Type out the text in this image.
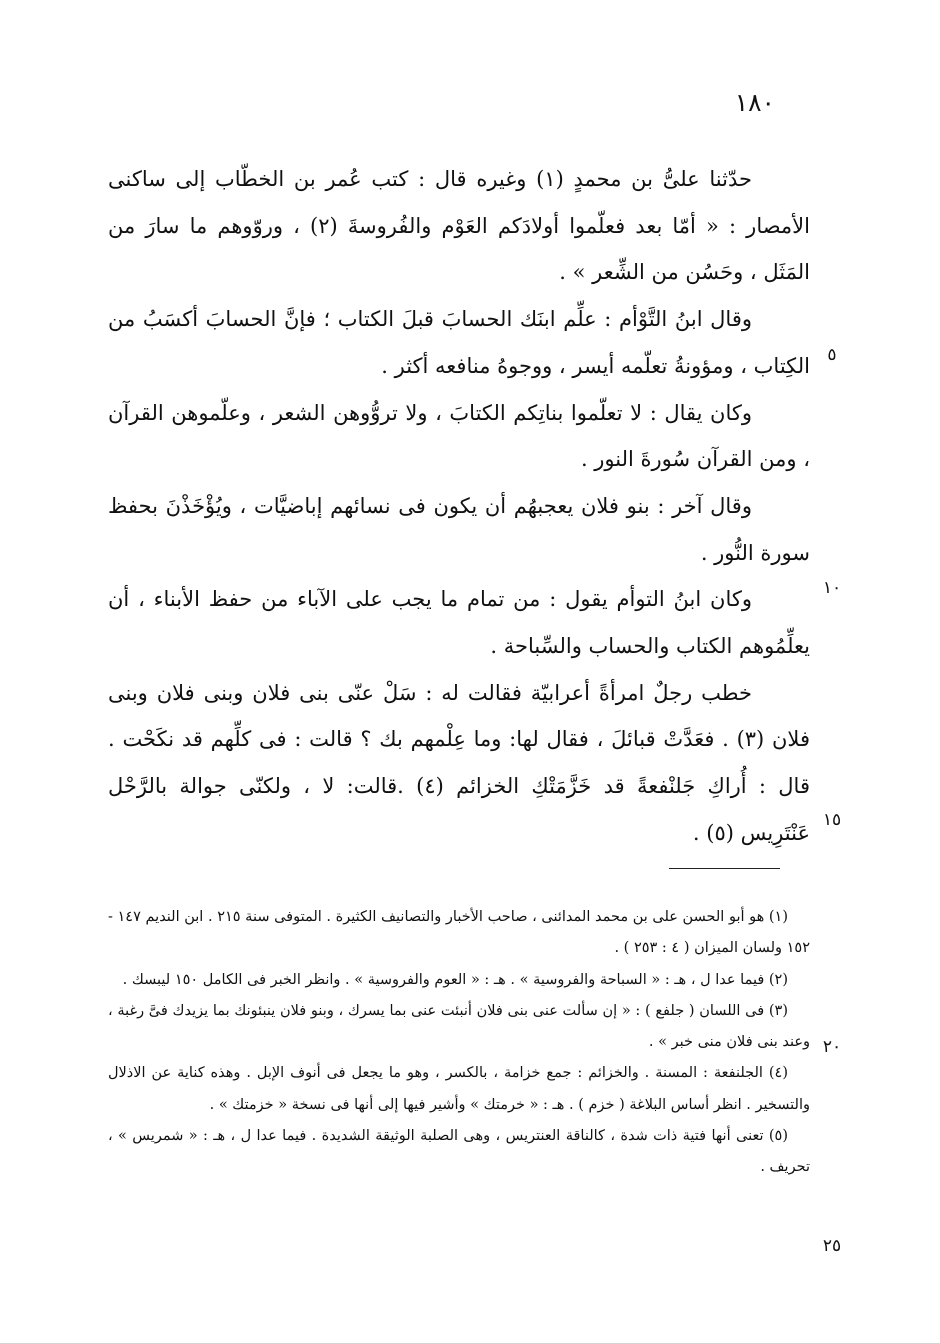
١٨٠

حدّثنا علىُّ بن محمدٍ (١) وغيره قال : كتب عُمر بن الخطّاب إلى ساكنى الأمصار : « أمّا بعد فعلّموا أولادَكم العَوْم والفُروسةَ (٢) ، وروّوهم ما سارَ من المَثَل ، وحَسُن من الشِّعر » .

وقال ابنُ التَّوْأم : علِّم ابنَك الحسابَ قبلَ الكتاب ؛ فإنَّ الحسابَ أكسَبُ من الكِتاب ، ومؤونةُ تعلّمه أيسر ، ووجوهُ منافعه أكثر .

وكان يقال : لا تعلّموا بناتِكم الكتابَ ، ولا تروُّوهن الشعر ، وعلّموهن القرآن ، ومن القرآن سُورةَ النور .

وقال آخر : بنو فلان يعجبهُم أن يكون فى نسائهم إباضيَّات ، ويُؤْخَذْنَ بحفظ سورة النُّور .

وكان ابنُ التوأم يقول : من تمام ما يجب على الآباء من حفظ الأبناء ، أن يعلِّمُوهم الكتاب والحساب والسِّباحة .

خطب رجلٌ امرأةً أعرابيّة فقالت له : سَلْ عنّى بنى فلان وبنى فلان وبنى فلان (٣) . فعَدَّتْ قبائلَ ، فقال لها: وما عِلْمهم بك ؟ قالت : فى كلِّهم قد نكَحْت . قال : أُراكِ جَلنْفعةً قد خَزَّمَتْكِ الخزائم (٤) .قالت: لا ، ولكنّى جوالة بالرَّحْل عَنْتَرِيس (٥) .

٥
١٠
١٥
٢٠
٢٥

(١) هو أبو الحسن على بن محمد المدائنى ، صاحب الأخبار والتصانيف الكثيرة . المتوفى سنة ٢١٥ . ابن النديم ١٤٧ - ١٥٢ ولسان الميزان ( ٤ : ٢٥٣ ) .

(٢) فيما عدا ل ، هـ : « السباحة والفروسية » . هـ : « العوم والفروسية » . وانظر الخبر فى الكامل ١٥٠ ليبسك .

(٣) فى اللسان ( جلفع ) : « إن سألت عنى بنى فلان أنبئت عنى بما يسرك ، وبنو فلان ينبئونك بما يزيدك فىَّ رغبة ، وعند بنى فلان منى خبر » .

(٤) الجلنفعة : المسنة . والخزائم : جمع خزامة ، بالكسر ، وهو ما يجعل فى أنوف الإبل . وهذه كناية عن الاذلال والتسخير . انظر أساس البلاغة ( خزم ) . هـ : « خرمتك » وأشير فيها إلى أنها فى نسخة « خزمتك » .

(٥) تعنى أنها فتية ذات شدة ، كالناقة العنتريس ، وهى الصلبة الوثيقة الشديدة . فيما عدا ل ، هـ : « شمريس » ، تحريف .
